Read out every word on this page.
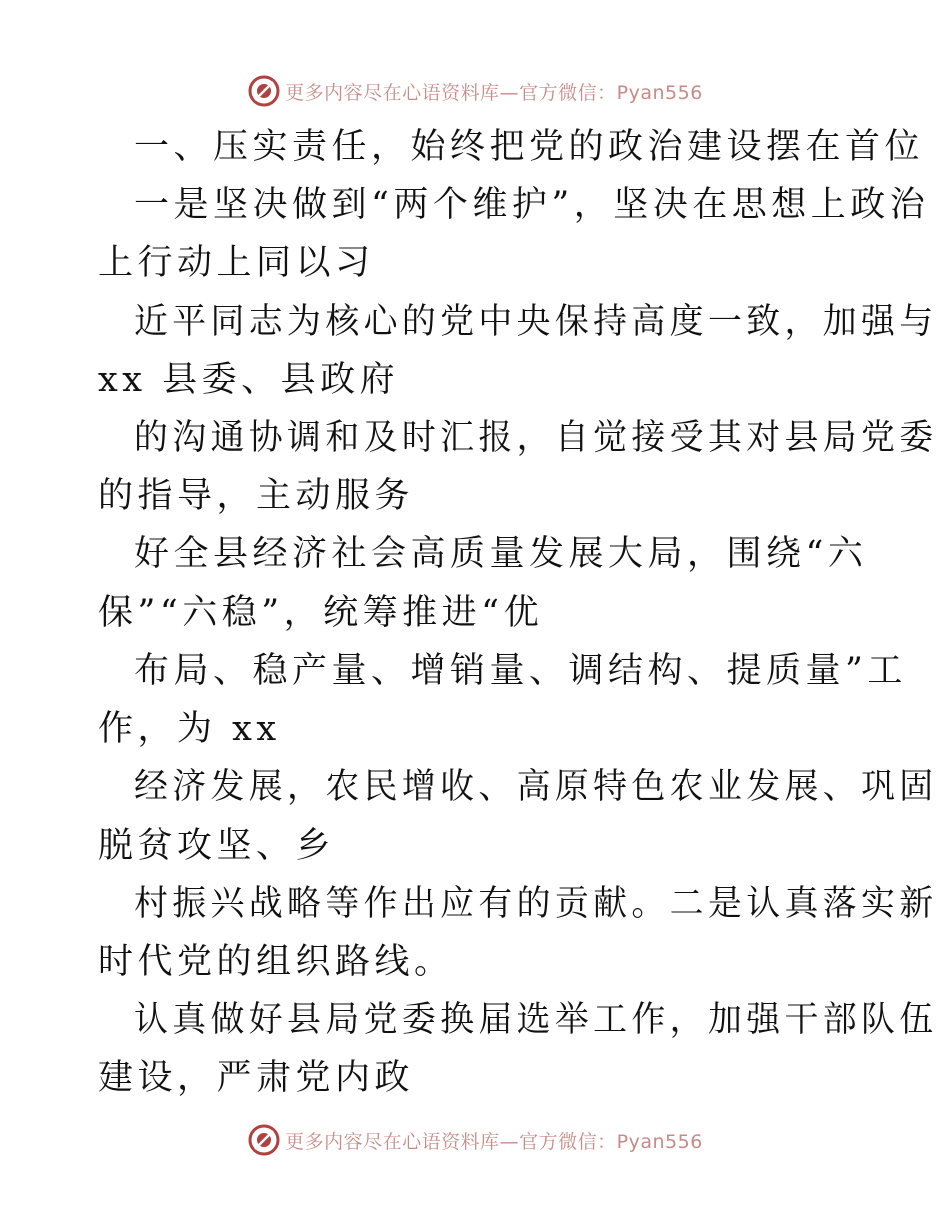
更多内容尽在心语资料库—官方微信：Pyan556
一、压实责任，始终把党的政治建设摆在首位
一是坚决做到“两个维护”，坚决在思想上政治
上行动上同以习
近平同志为核心的党中央保持高度一致，加强与
xx 县委、县政府
的沟通协调和及时汇报，自觉接受其对县局党委
的指导，主动服务
好全县经济社会高质量发展大局，围绕“六
保”“六稳”，统筹推进“优
布局、稳产量、增销量、调结构、提质量”工
作，为 xx
经济发展，农民增收、高原特色农业发展、巩固
脱贫攻坚、乡
村振兴战略等作出应有的贡献。二是认真落实新
时代党的组织路线。
认真做好县局党委换届选举工作，加强干部队伍
建设，严肃党内政
更多内容尽在心语资料库—官方微信：Pyan556
